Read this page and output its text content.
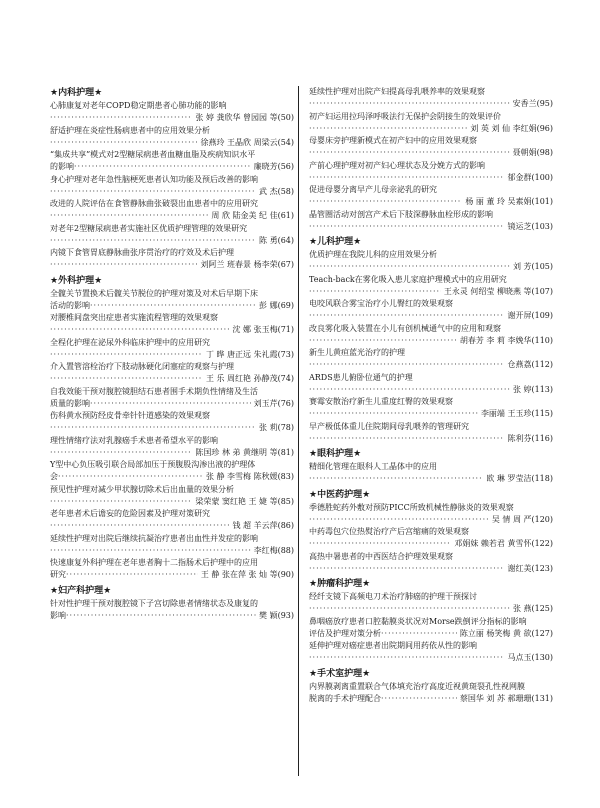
★内科护理★
心肺康复对老年COPD稳定期患者心肺功能的影响
·····
张 婷 龚欣华 曾园园 等(50)
舒适护理在炎症性肠病患者中的应用效果分析
·····
徐燕玲 王晶欣 周梁云(54)
“集成共享”模式对2型糖尿病患者血糖血脂及疾病知识水平
的影响 ·····	廉晓芳(56)
身心护理对老年急性脑梗死患者认知功能及预后改善的影响
·····
武 杰(58)
改进的人院评估在食管静脉曲张破裂出血患者中的应用研究
·····
周 欣 陆金美 纪 佳(61)
对老年2型糖尿病患者实施社区优质护理管理的效果研究
·····
陈 勇(64)
内镜下食管胃底静脉曲张序贯治疗的疗效及术后护理
·····
刘阿兰 班春景 杨李荣(67)
★外科护理★
全髋关节置换术后髋关节脱位的护理对策及对术后早期下床
活动的影响 ·····	彭 娜(69)
对腰椎间盘突出症患者实施流程管理的效果观察
·····
沈 娜 张玉梅(71)
全程化护理在泌尿外科临床护理中的应用研究
·····
丁 晔 唐正远 朱礼霞(73)
介入置管溶栓治疗下肢动脉硬化闭塞症的观察与护理
·····
王 乐 周红艳 孙静茂(74)
自我效能干预对腹腔镜胆结石患者围手术期负性情绪及生活
质量的影响 ·····	刘玉芹(76)
伤科黄水预防经皮骨牵针针道感染的效果观察
·····
张 莉(78)
理性情绪疗法对乳腺癌手术患者希望水平的影响
·····
陈国珍 林 弟 黄继明 等(81)
Y型中心负压吸引联合局部加压于预腹股沟渗出液的护理体
会 ·····	张 静 李雪梅 陈秋媛(83)
预见性护理对减少甲状腺切除术后出血量的效果分析
·····
梁荣蒙 窦红艳 王 婕 等(85)
老年患者术后谵妄的危险因素及护理对策研究
·····
钱 超 羊云萍(86)
延续性护理对出院后继续抗凝治疗患者出血性并发症的影响
·····
李红梅(88)
快速康复外科护理在老年患者胸十二指肠术后护理中的应用
研究 ·····	王 静 张在萍 张 灿 等(90)
★妇产科护理★
针对性护理干预对腹腔镜下子宫切除患者情绪状态及康复的
影响 ·····	樊 颖(93)
延续性护理对出院产妇提高母乳喂养率的效果观察
·····
安香兰(95)
初产妇运用拉玛泽呼吸法行无保护会阴接生的效果评价
·····
刘 英 刘 仙 李红娟(96)
母婴床旁护理新模式在初产妇中的应用效果观察
·····
聂朝娟(98)
产前心理护理对初产妇心理状态及分娩方式的影响
·····
郁金群(100)
促进母婴分离早产儿母亲泌乳的研究
·····
杨 丽 董 玲 吴素娟(101)
晶管圈活动对剖宫产术后下肢深静脉血栓形成的影响
·····
镜运芝(103)
★儿科护理★
优质护理在我院儿科的应用效果分析
·····
刘 芳(105)
Teach-back在雾化吸入患儿家庭护理模式中的应用研究
·····
王永灵 何绍莹 柳晓燕 等(107)
电咬风联合雾宝治疗小儿臀红的效果观察
·····
谢开屏(109)
改良雾化吸入装置在小儿有创机械通气中的应用和观察
·····
胡春芳 李 莉 李娩华(110)
新生儿黄疸蓝光治疗的护理
·····
仓燕荔(112)
ARDS患儿俯卧位通气的护理
·····
张 婷(113)
赛霉安散治疗新生儿重度红臀的效果观察
·····
李丽端 王玉珍(115)
早产极低体重儿住院期间母乳喂养的管理研究
·····
陈利芬(116)
★眼科护理★
精细化管理在眼科人工晶体中的应用
·····
欧 琳 罗莹洁(118)
★中医药护理★
季德胜蛇药外敷对预防PICC所致机械性静脉炎的效果观察
·····
吴 情 周 严(120)
中药毒包穴位热熨治疗产后宫缩痛的效果观察
·····
邓娟妹 赖若君 黄雪怀(122)
高热中暑患者的中西医结合护理效果观察
·····
谢红美(123)
★肿瘤科护理★
经纤支镜下高频电刀术治疗肺癌的护理干预探讨
·····
张 燕(125)
鼻咽癌放疗患者口腔黏膜炎状况对Morse跌倒评分指标的影响
评估及护理对策分析 ·····	陈立丽 杨笑梅 黄 欲(127)
延伸护理对癌症患者出院期间用药依从性的影响
·····
马点玉(130)
★手术室护理★
内界膜剥离重置联合气体填充治疗高度近视黄斑裂孔性视网膜
脱离的手术护理配合 ·····	蔡国华 刘 苏 郝珊珊(131)
